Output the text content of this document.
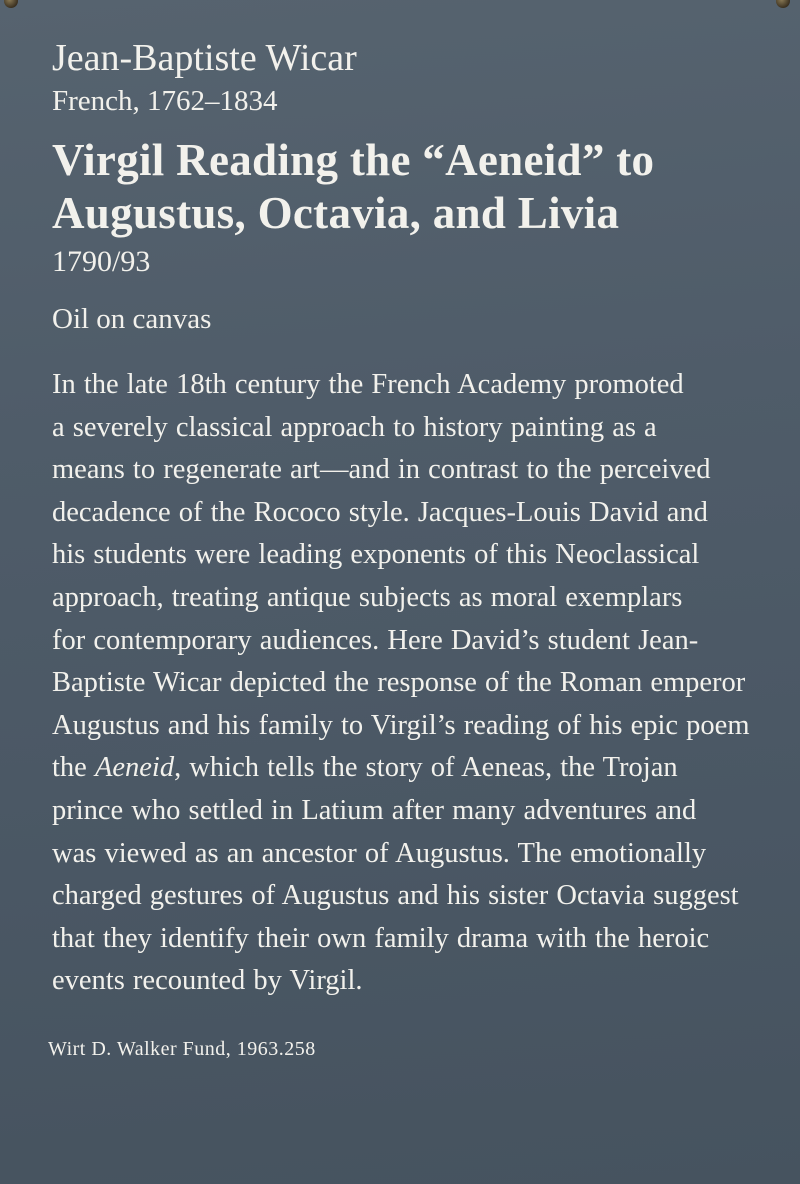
Jean-Baptiste Wicar
French, 1762–1834
Virgil Reading the “Aeneid” to
Augustus, Octavia, and Livia
1790/93
Oil on canvas
In the late 18th century the French Academy promoted
a severely classical approach to history painting as a
means to regenerate art—and in contrast to the perceived
decadence of the Rococo style. Jacques-Louis David and
his students were leading exponents of this Neoclassical
approach, treating antique subjects as moral exemplars
for contemporary audiences. Here David’s student Jean-
Baptiste Wicar depicted the response of the Roman emperor
Augustus and his family to Virgil’s reading of his epic poem
the Aeneid, which tells the story of Aeneas, the Trojan
prince who settled in Latium after many adventures and
was viewed as an ancestor of Augustus. The emotionally
charged gestures of Augustus and his sister Octavia suggest
that they identify their own family drama with the heroic
events recounted by Virgil.
Wirt D. Walker Fund, 1963.258
